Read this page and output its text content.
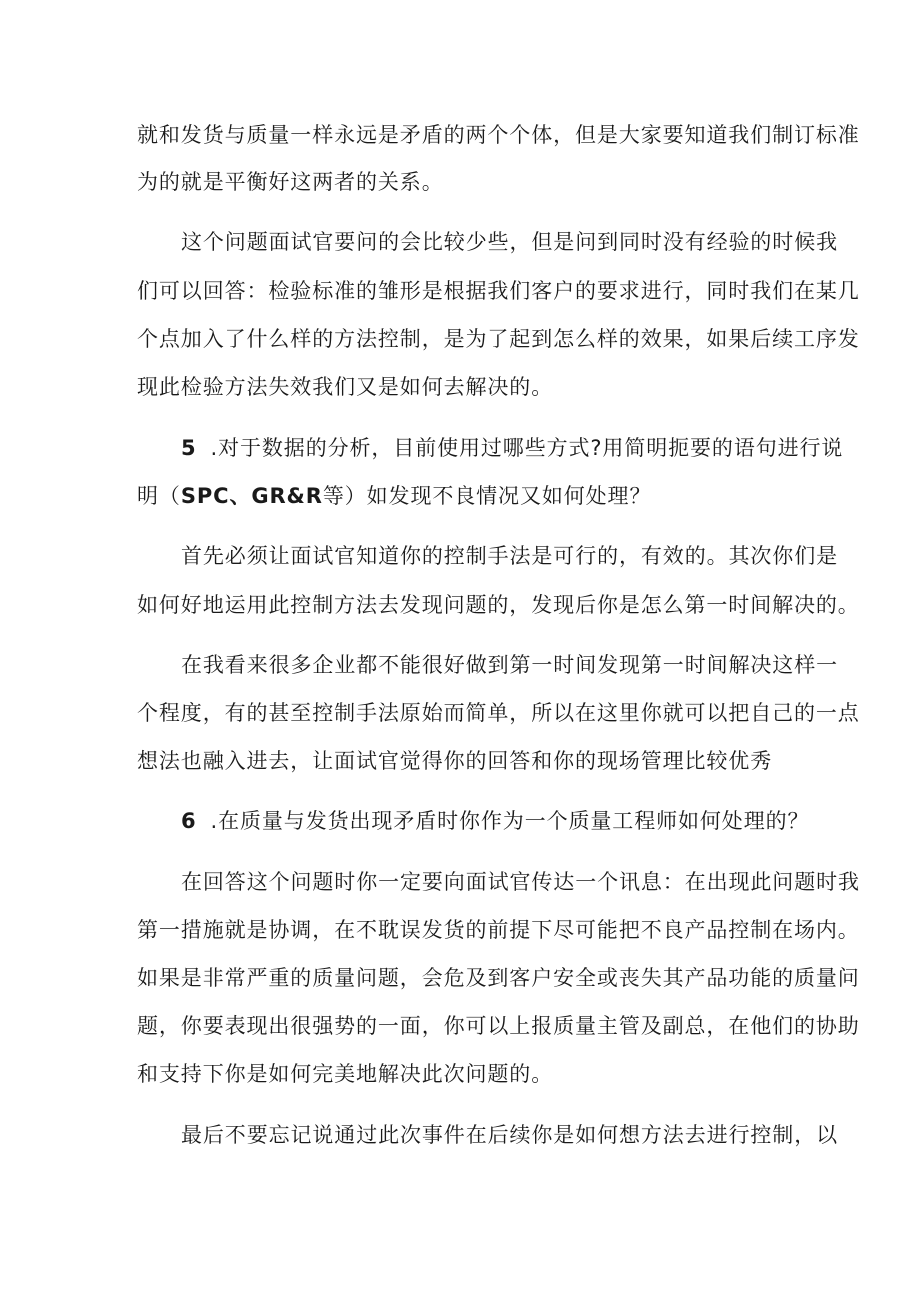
就和发货与质量一样永远是矛盾的两个个体，但是大家要知道我们制订标准
为的就是平衡好这两者的关系。
这个问题面试官要问的会比较少些，但是问到同时没有经验的时候我
们可以回答：检验标准的雏形是根据我们客户的要求进行，同时我们在某几
个点加入了什么样的方法控制，是为了起到怎么样的效果，如果后续工序发
现此检验方法失效我们又是如何去解决的。
5 .对于数据的分析，目前使用过哪些方式?用简明扼要的语句进行说
明（SPC、GR&R等）如发现不良情况又如何处理？
首先必须让面试官知道你的控制手法是可行的，有效的。其次你们是
如何好地运用此控制方法去发现问题的，发现后你是怎么第一时间解决的。
在我看来很多企业都不能很好做到第一时间发现第一时间解决这样一
个程度，有的甚至控制手法原始而简单，所以在这里你就可以把自己的一点
想法也融入进去，让面试官觉得你的回答和你的现场管理比较优秀
6 .在质量与发货出现矛盾时你作为一个质量工程师如何处理的？
在回答这个问题时你一定要向面试官传达一个讯息：在出现此问题时我
第一措施就是协调，在不耽误发货的前提下尽可能把不良产品控制在场内。
如果是非常严重的质量问题，会危及到客户安全或丧失其产品功能的质量问
题，你要表现出很强势的一面，你可以上报质量主管及副总，在他们的协助
和支持下你是如何完美地解决此次问题的。
最后不要忘记说通过此次事件在后续你是如何想方法去进行控制，以
